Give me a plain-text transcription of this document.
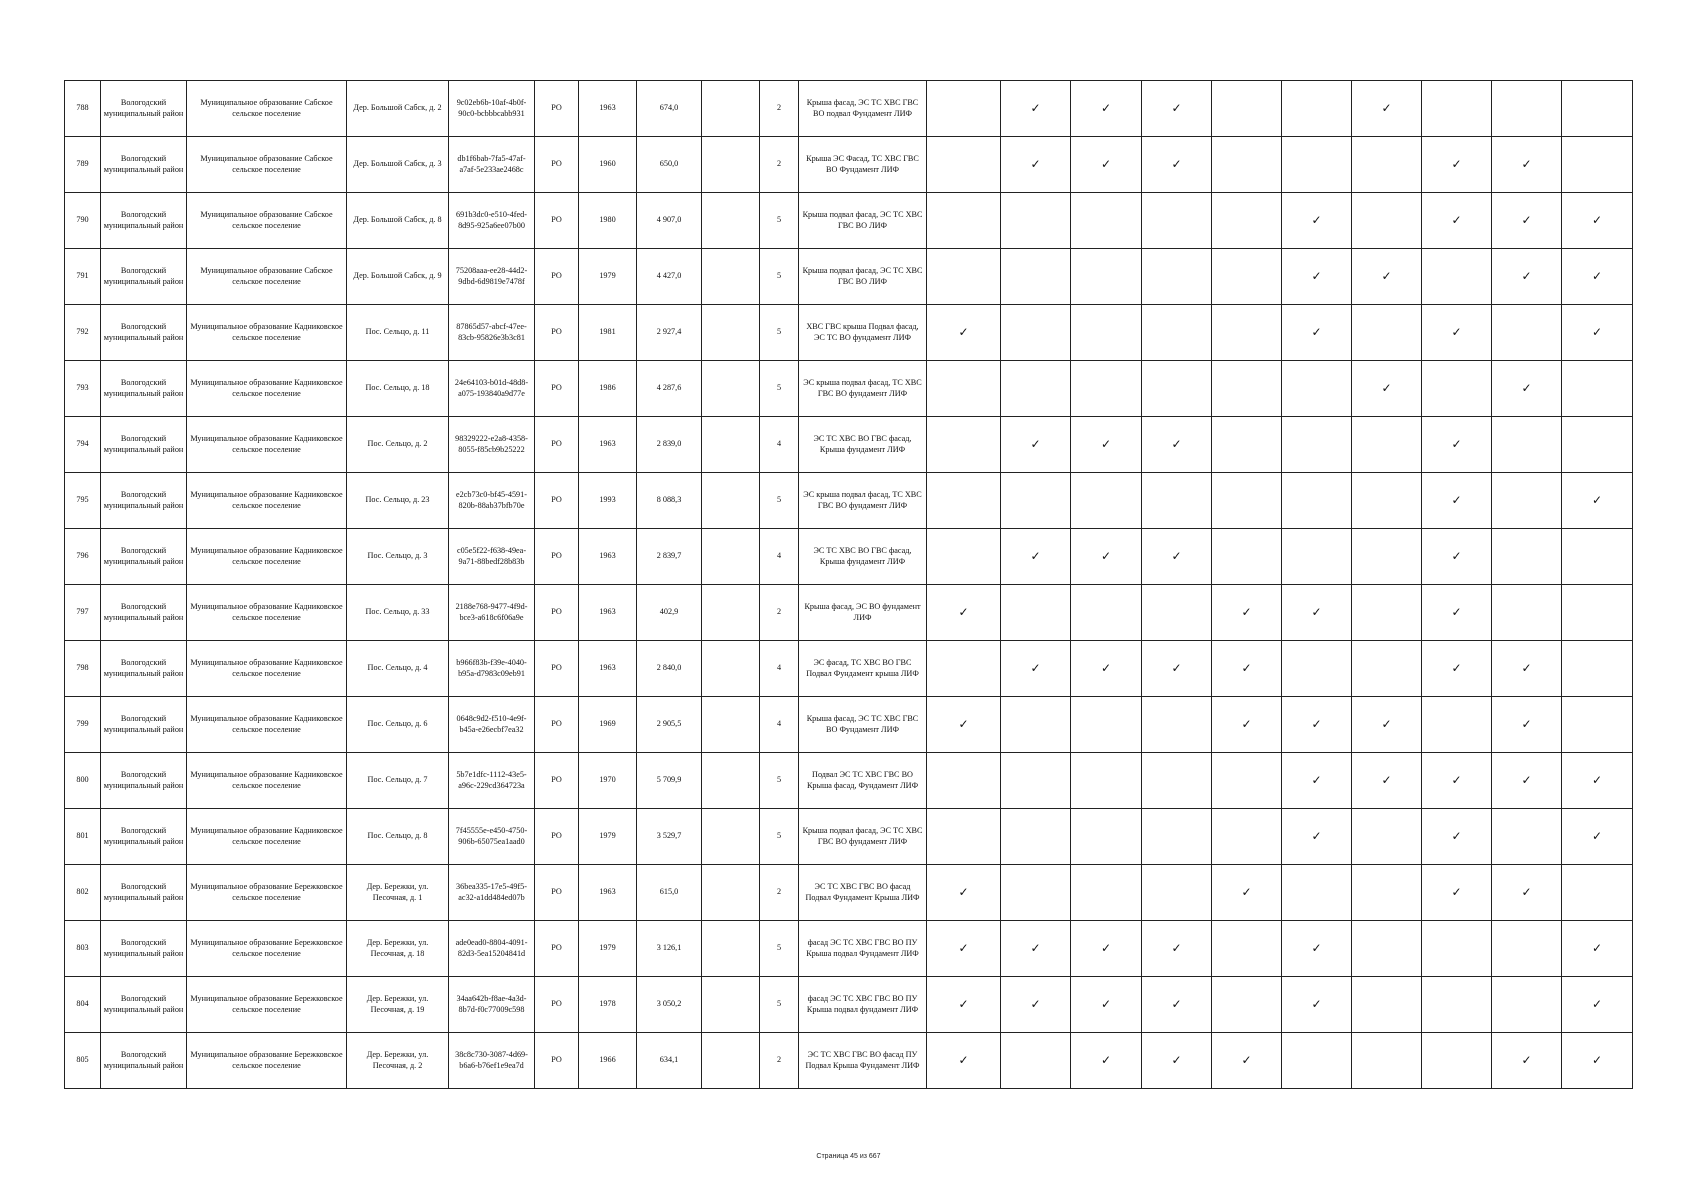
788	Вологодский муниципальный район	Муниципальное образование Сабское сельское поселение	Дер. Большой Сабск, д. 2	9c02eb6b-10af-4b0f-90c0-bcbbbcabb931	РО	1963	674,0		2	Крыша фасад, ЭС ТС ХВС ГВС ВО подвал Фундамент ЛИФ		✓	✓	✓			✓			
789	Вологодский муниципальный район	Муниципальное образование Сабское сельское поселение	Дер. Большой Сабск, д. 3	db1f6bab-7fa5-47af-a7af-5e233ae2468c	РО	1960	650,0		2	Крыша ЭС Фасад, ТС ХВС ГВС ВО Фундамент ЛИФ		✓	✓	✓				✓	✓	
790	Вологодский муниципальный район	Муниципальное образование Сабское сельское поселение	Дер. Большой Сабск, д. 8	691b3dc0-e510-4fed-8d95-925a6ee07b00	РО	1980	4 907,0		5	Крыша подвал фасад, ЭС ТС ХВС ГВС ВО ЛИФ						✓		✓	✓	✓
791	Вологодский муниципальный район	Муниципальное образование Сабское сельское поселение	Дер. Большой Сабск, д. 9	75208aaa-ee28-44d2-9dbd-6d9819e7478f	РО	1979	4 427,0		5	Крыша подвал фасад, ЭС ТС ХВС ГВС ВО ЛИФ						✓	✓		✓	✓
792	Вологодский муниципальный район	Муниципальное образование Кадниковское сельское поселение	Пос. Сельцо, д. 11	87865d57-abcf-47ee-83cb-95826e3b3c81	РО	1981	2 927,4		5	ХВС ГВС крыша Подвал фасад, ЭС ТС ВО фундамент ЛИФ	✓					✓		✓		✓
793	Вологодский муниципальный район	Муниципальное образование Кадниковское сельское поселение	Пос. Сельцо, д. 18	24e64103-b01d-48d8-a075-193840a9d77e	РО	1986	4 287,6		5	ЭС крыша подвал фасад, ТС ХВС ГВС ВО фундамент ЛИФ							✓		✓	
794	Вологодский муниципальный район	Муниципальное образование Кадниковское сельское поселение	Пос. Сельцо, д. 2	98329222-e2a8-4358-8055-f85cb9b25222	РО	1963	2 839,0		4	ЭС ТС ХВС ВО ГВС фасад, Крыша фундамент ЛИФ		✓	✓	✓				✓		
795	Вологодский муниципальный район	Муниципальное образование Кадниковское сельское поселение	Пос. Сельцо, д. 23	e2cb73c0-bf45-4591-820b-88ab37bfb70e	РО	1993	8 088,3		5	ЭС крыша подвал фасад, ТС ХВС ГВС ВО фундамент ЛИФ								✓		✓
796	Вологодский муниципальный район	Муниципальное образование Кадниковское сельское поселение	Пос. Сельцо, д. 3	c05e5f22-f638-49ea-9a71-88bedf28b83b	РО	1963	2 839,7		4	ЭС ТС ХВС ВО ГВС фасад, Крыша фундамент ЛИФ		✓	✓	✓				✓		
797	Вологодский муниципальный район	Муниципальное образование Кадниковское сельское поселение	Пос. Сельцо, д. 33	2188e768-9477-4f9d-bce3-a618c6f06a9e	РО	1963	402,9		2	Крыша фасад, ЭС ВО фундамент ЛИФ	✓				✓	✓		✓		
798	Вологодский муниципальный район	Муниципальное образование Кадниковское сельское поселение	Пос. Сельцо, д. 4	b966f83b-f39e-4040-b95a-d7983c09eb91	РО	1963	2 840,0		4	ЭС фасад, ТС ХВС ВО ГВС Подвал Фундамент крыша ЛИФ		✓	✓	✓	✓			✓	✓	
799	Вологодский муниципальный район	Муниципальное образование Кадниковское сельское поселение	Пос. Сельцо, д. 6	0648c9d2-f510-4e9f-b45a-e26ecbf7ea32	РО	1969	2 905,5		4	Крыша фасад, ЭС ТС ХВС ГВС ВО Фундамент ЛИФ	✓				✓	✓	✓		✓	
800	Вологодский муниципальный район	Муниципальное образование Кадниковское сельское поселение	Пос. Сельцо, д. 7	5b7e1dfc-1112-43e5-a96c-229cd364723a	РО	1970	5 709,9		5	Подвал ЭС ТС ХВС ГВС ВО Крыша фасад, Фундамент ЛИФ						✓	✓	✓	✓	✓
801	Вологодский муниципальный район	Муниципальное образование Кадниковское сельское поселение	Пос. Сельцо, д. 8	7f45555e-e450-4750-906b-65075ea1aad0	РО	1979	3 529,7		5	Крыша подвал фасад, ЭС ТС ХВС ГВС ВО фундамент ЛИФ						✓		✓		✓
802	Вологодский муниципальный район	Муниципальное образование Бережковское сельское поселение	Дер. Бережки, ул. Песочная, д. 1	36bea335-17e5-49f5-ac32-a1dd484ed07b	РО	1963	615,0		2	ЭС ТС ХВС ГВС ВО фасад Подвал Фундамент Крыша ЛИФ	✓				✓			✓	✓	
803	Вологодский муниципальный район	Муниципальное образование Бережковское сельское поселение	Дер. Бережки, ул. Песочная, д. 18	ade0ead0-8804-4091-82d3-5ea15204841d	РО	1979	3 126,1		5	фасад ЭС ТС ХВС ГВС ВО ПУ Крыша подвал Фундамент ЛИФ	✓	✓	✓	✓		✓				✓
804	Вологодский муниципальный район	Муниципальное образование Бережковское сельское поселение	Дер. Бережки, ул. Песочная, д. 19	34aa642b-f8ae-4a3d-8b7d-f0c77009c598	РО	1978	3 050,2		5	фасад ЭС ТС ХВС ГВС ВО ПУ Крыша подвал фундамент ЛИФ	✓	✓	✓	✓		✓				✓
805	Вологодский муниципальный район	Муниципальное образование Бережковское сельское поселение	Дер. Бережки, ул. Песочная, д. 2	38c8c730-3087-4d69-b6a6-b76ef1e9ea7d	РО	1966	634,1		2	ЭС ТС ХВС ГВС ВО фасад ПУ Подвал Крыша Фундамент ЛИФ	✓		✓	✓	✓				✓	✓
Страница 45 из 667
